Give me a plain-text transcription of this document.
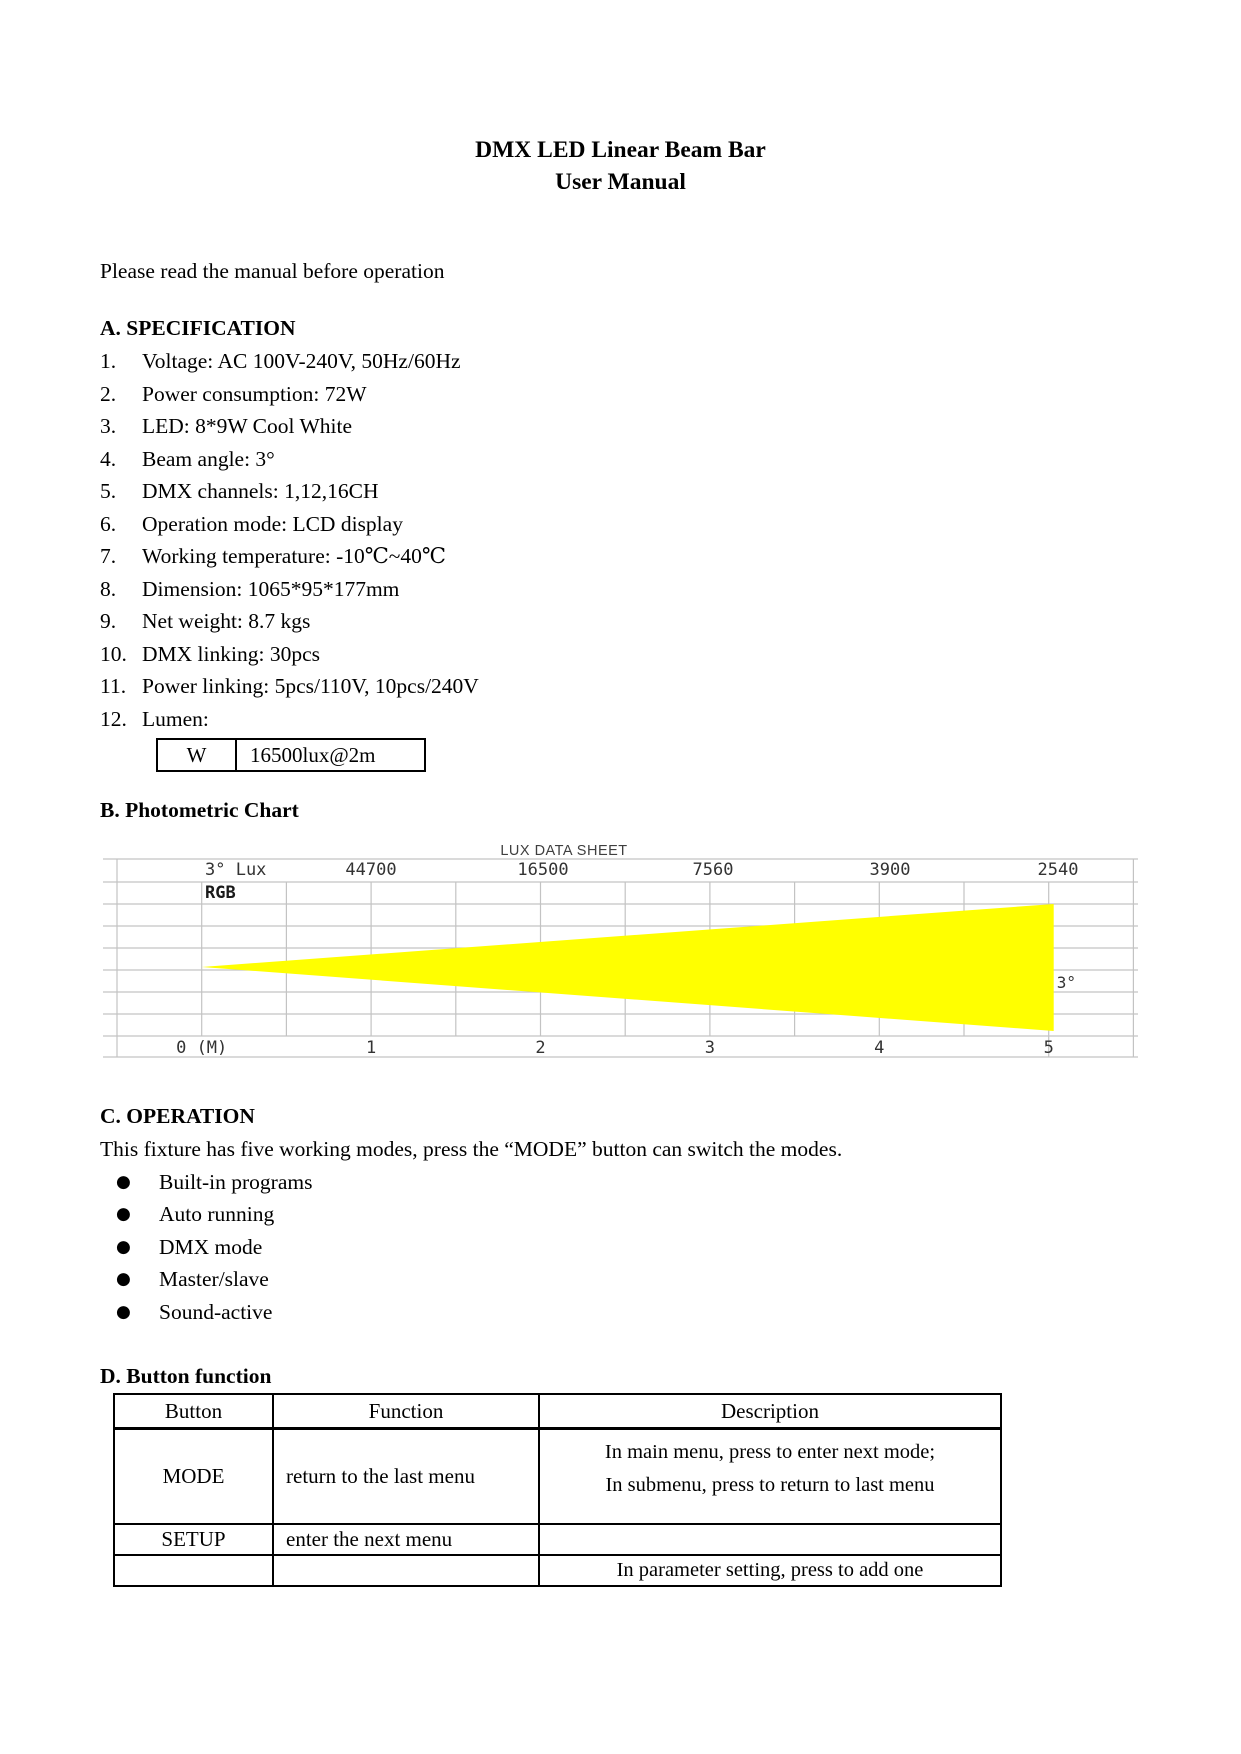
DMX LED Linear Beam Bar
User Manual
Please read the manual before operation
A. SPECIFICATION
1.	Voltage: AC 100V-240V, 50Hz/60Hz
2.	Power consumption: 72W
3.	LED: 8*9W Cool White
4.	Beam angle: 3°
5.	DMX channels: 1,12,16CH
6.	Operation mode: LCD display
7.	Working temperature: -10℃~40℃
8.	Dimension: 1065*95*177mm
9.	Net weight: 8.7 kgs
10. DMX linking: 30pcs
11. Power linking: 5pcs/110V, 10pcs/240V
12. Lumen:
W	16500lux@2m
B. Photometric Chart
LUX DATA SHEET
3° Lux	44700	16500	7560	3900	2540
RGB
0 (M)	1	2	3	4	5
3°
C. OPERATION
This fixture has five working modes, press the “MODE” button can switch the modes.
●	Built-in programs
●	Auto running
●	DMX mode
●	Master/slave
●	Sound-active
D. Button function
Button	Function	Description
MODE	return to the last menu	In main menu, press to enter next mode;
In submenu, press to return to last menu

SETUP	enter the next menu	
		In parameter setting, press to add one
